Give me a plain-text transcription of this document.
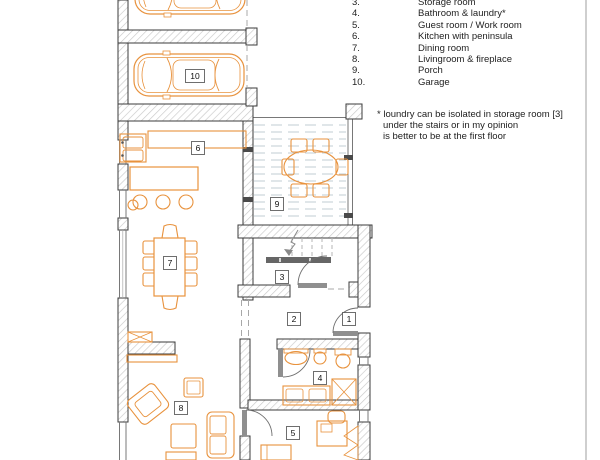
1
2
3
4
5
6
7
8
9
10
3.	Storage room
4.	Bathroom & laundry*
5.	Guest room / Work room
6.	Kitchen with peninsula
7.	Dining room
8.	Livingroom & fireplace
9.	Porch
10.	Garage
* loundry can be isolated in storage room [3]
under the stairs or in my opinion
is better to be at the first floor
